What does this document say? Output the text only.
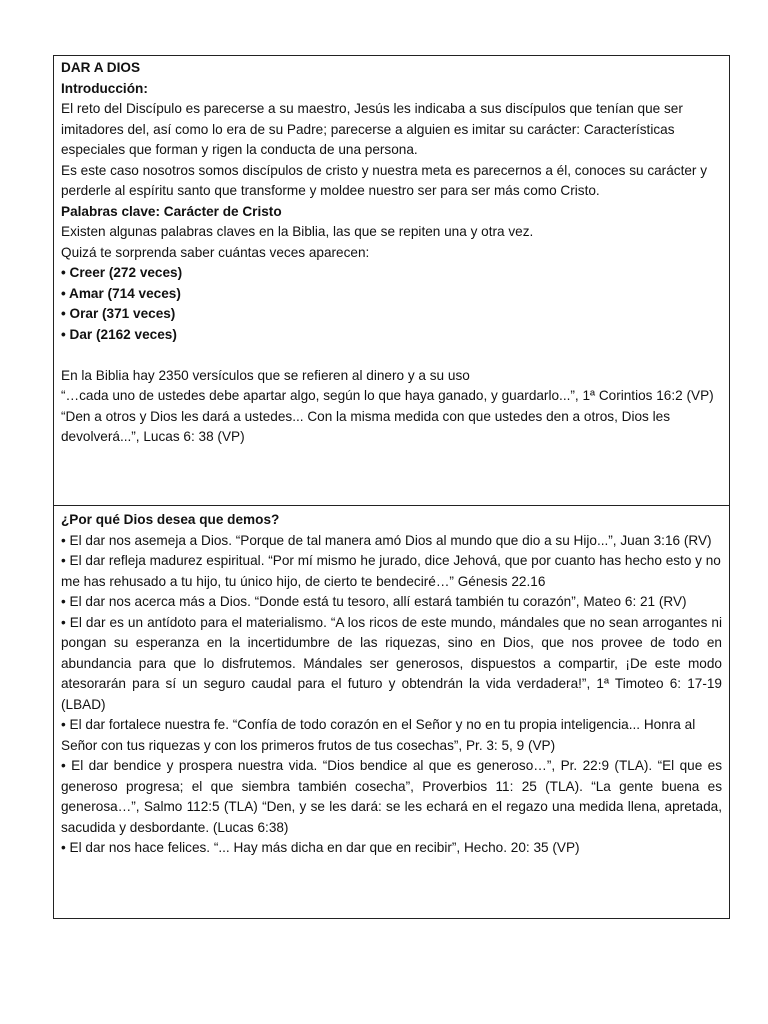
DAR A DIOS

Introducción:

El reto del Discípulo es parecerse a su maestro, Jesús les indicaba a sus discípulos que tenían que ser imitadores del, así como lo era de su Padre; parecerse a alguien es imitar su carácter: Características especiales que forman y rigen la conducta de una persona.

Es este caso nosotros somos discípulos de cristo y nuestra meta es parecernos a él, conoces su carácter y perderle al espíritu santo que transforme y moldee nuestro ser para ser más como Cristo.

Palabras clave: Carácter de Cristo

Existen algunas palabras claves en la Biblia, las que se repiten una y otra vez.

Quizá te sorprenda saber cuántas veces aparecen:

• Creer (272 veces)

• Amar (714 veces)

• Orar (371 veces)

• Dar (2162 veces)

En la Biblia hay 2350 versículos que se refieren al dinero y a su uso

“…cada uno de ustedes debe apartar algo, según lo que haya ganado, y guardarlo...”, 1ª Corintios 16:2 (VP)

“Den a otros y Dios les dará a ustedes... Con la misma medida con que ustedes den a otros, Dios les devolverá...”, Lucas 6: 38 (VP)

¿Por qué Dios desea que demos?

• El dar nos asemeja a Dios. “Porque de tal manera amó Dios al mundo que dio a su Hijo...”, Juan 3:16 (RV)

• El dar refleja madurez espiritual. “Por mí mismo he jurado, dice Jehová, que por cuanto has hecho esto y no me has rehusado a tu hijo, tu único hijo, de cierto te bendeciré…” Génesis 22.16

• El dar nos acerca más a Dios. “Donde está tu tesoro, allí estará también tu corazón”, Mateo 6: 21 (RV)

• El dar es un antídoto para el materialismo. “A los ricos de este mundo, mándales que no sean arrogantes ni pongan su esperanza en la incertidumbre de las riquezas, sino en Dios, que nos provee de todo en abundancia para que lo disfrutemos. Mándales ser generosos, dispuestos a compartir, ¡De este modo atesorarán para sí un seguro caudal para el futuro y obtendrán la vida verdadera!”, 1ª Timoteo 6: 17-19 (LBAD)

• El dar fortalece nuestra fe. “Confía de todo corazón en el Señor y no en tu propia inteligencia... Honra al Señor con tus riquezas y con los primeros frutos de tus cosechas”, Pr. 3: 5, 9 (VP)

• El dar bendice y prospera nuestra vida. “Dios bendice al que es generoso…”, Pr. 22:9 (TLA). “El que es generoso progresa; el que siembra también cosecha”, Proverbios 11: 25 (TLA). “La gente buena es generosa…”, Salmo 112:5 (TLA) “Den, y se les dará: se les echará en el regazo una medida llena, apretada, sacudida y desbordante. (Lucas 6:38)

• El dar nos hace felices. “... Hay más dicha en dar que en recibir”, Hecho. 20: 35 (VP)
